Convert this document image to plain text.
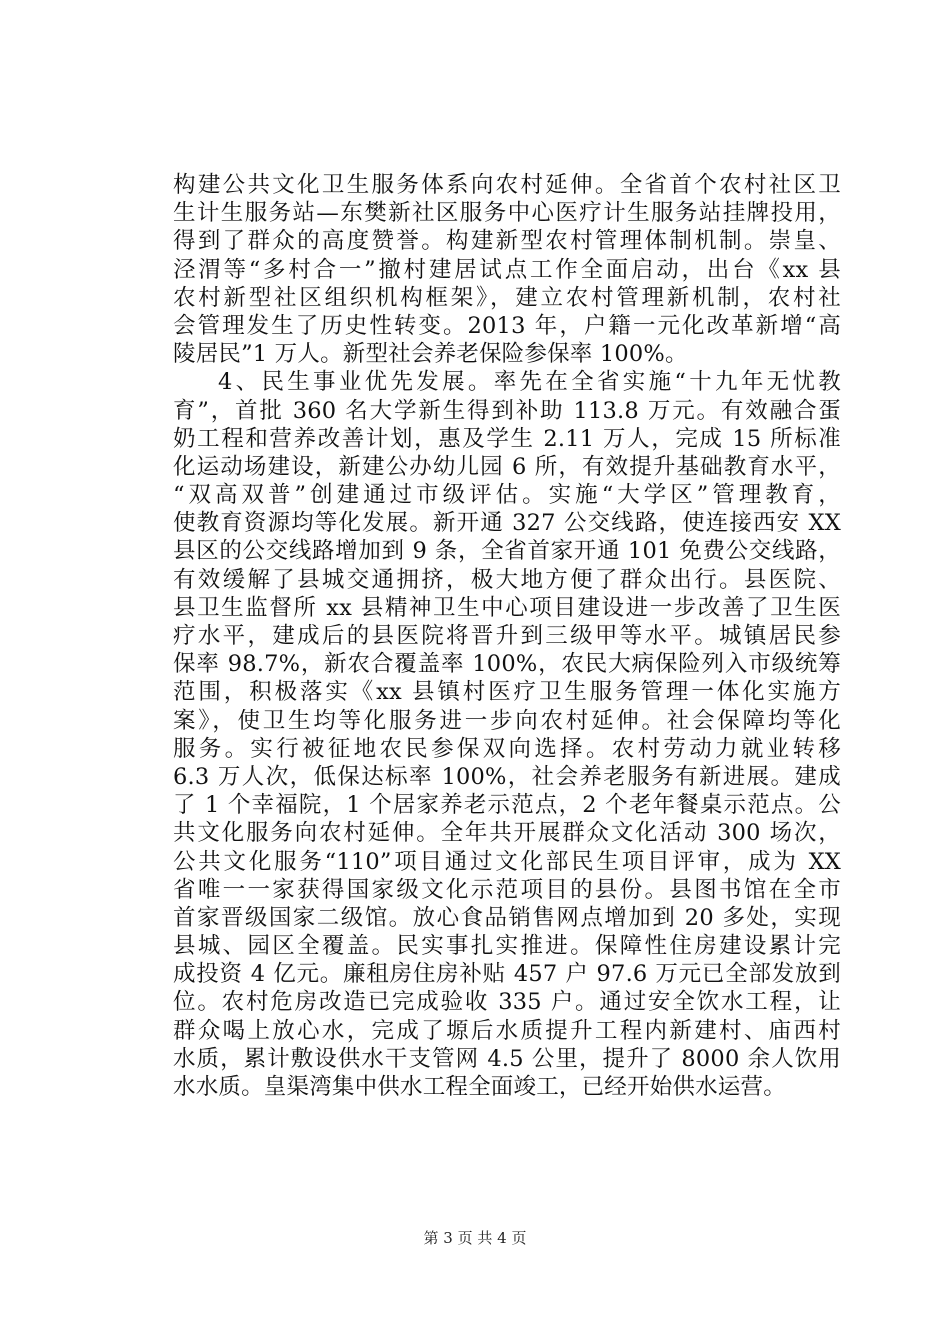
构建公共文化卫生服务体系向农村延伸。全省首个农村社区卫
生计生服务站—东樊新社区服务中心医疗计生服务站挂牌投用，
得到了群众的高度赞誉。构建新型农村管理体制机制。崇皇、
泾渭等“多村合一”撤村建居试点工作全面启动，出台《xx 县
农村新型社区组织机构框架》，建立农村管理新机制，农村社
会管理发生了历史性转变。2013 年，户籍一元化改革新增“高
陵居民”1 万人。新型社会养老保险参保率 100%。
4、民生事业优先发展。率先在全省实施“十九年无忧教
育”，首批 360 名大学新生得到补助 113.8 万元。有效融合蛋
奶工程和营养改善计划，惠及学生 2.11 万人，完成 15 所标准
化运动场建设，新建公办幼儿园 6 所，有效提升基础教育水平，
“双高双普”创建通过市级评估。实施“大学区”管理教育，
使教育资源均等化发展。新开通 327 公交线路，使连接西安 XX
县区的公交线路增加到 9 条，全省首家开通 101 免费公交线路，
有效缓解了县城交通拥挤，极大地方便了群众出行。县医院、
县卫生监督所 xx 县精神卫生中心项目建设进一步改善了卫生医
疗水平，建成后的县医院将晋升到三级甲等水平。城镇居民参
保率 98.7%，新农合覆盖率 100%，农民大病保险列入市级统筹
范围，积极落实《xx 县镇村医疗卫生服务管理一体化实施方
案》，使卫生均等化服务进一步向农村延伸。社会保障均等化
服务。实行被征地农民参保双向选择。农村劳动力就业转移
6.3 万人次，低保达标率 100%，社会养老服务有新进展。建成
了 1 个幸福院，1 个居家养老示范点，2 个老年餐桌示范点。公
共文化服务向农村延伸。全年共开展群众文化活动 300 场次，
公共文化服务“110”项目通过文化部民生项目评审，成为 XX
省唯一一家获得国家级文化示范项目的县份。县图书馆在全市
首家晋级国家二级馆。放心食品销售网点增加到 20 多处，实现
县城、园区全覆盖。民实事扎实推进。保障性住房建设累计完
成投资 4 亿元。廉租房住房补贴 457 户 97.6 万元已全部发放到
位。农村危房改造已完成验收 335 户。通过安全饮水工程，让
群众喝上放心水，完成了塬后水质提升工程内新建村、庙西村
水质，累计敷设供水干支管网 4.5 公里，提升了 8000 余人饮用
水水质。皇渠湾集中供水工程全面竣工，已经开始供水运营。
第 3 页 共 4 页
